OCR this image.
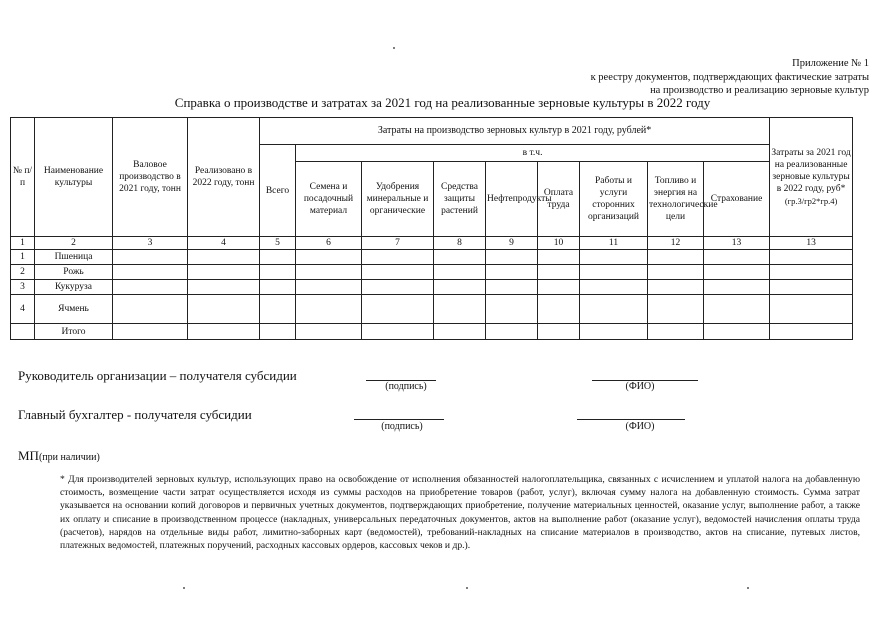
Приложение № 1
к реестру документов, подтверждающих фактические затраты
на производство и реализацию зерновые культур
Справка о производстве и затратах за 2021 год на реализованные зерновые культуры в 2022 году
№ п/п	Наименование культуры	Валовое производство в 2021 году, тонн	Реализовано в 2022 году, тонн	Затраты на производство зерновых культур в 2021 году, рублей*									Затраты за 2021 год на реализованные зерновые культуры в 2022 году, руб*
(гр.3/гр2*гр.4)

				Всего	в т.ч.								
					Семена и посадочный материал	Удобрения минеральные и органические	Средства защиты растений	Нефтепродукты	Оплата труда	Работы и услуги сторонних организаций	Топливо и энергия на технологические цели	Страхование	
1	2	3	4	5	6	7	8	9	10	11	12	13	13
1	Пшеница												
2	Рожь												
3	Кукуруза												
4	Ячмень												
	Итого												
Руководитель организации – получателя субсидии
(подпись)	(ФИО)
Главный бухгалтер - получателя субсидии
(подпись)	(ФИО)
МП(при наличии)
* Для производителей зерновых культур, использующих право на освобождение от исполнения обязанностей налогоплательщика, связанных с исчислением и уплатой налога на добавленную стоимость, возмещение части затрат осуществляется исходя из суммы расходов на приобретение товаров (работ, услуг), включая сумму налога на добавленную стоимость. Сумма затрат указывается на основании копий договоров и первичных учетных документов, подтверждающих приобретение, получение материальных ценностей, оказание услуг, выполнение работ, а также их оплату и списание в производственном процессе (накладных, универсальных передаточных документов, актов на выполнение работ (оказание услуг), ведомостей начисления оплаты труда (расчетов), нарядов на отдельные виды работ, лимитно-заборных карт (ведомостей), требований-накладных на списание материалов в производство, актов на списание, путевых листов, платежных ведомостей, платежных поручений, расходных кассовых ордеров, кассовых чеков и др.).
